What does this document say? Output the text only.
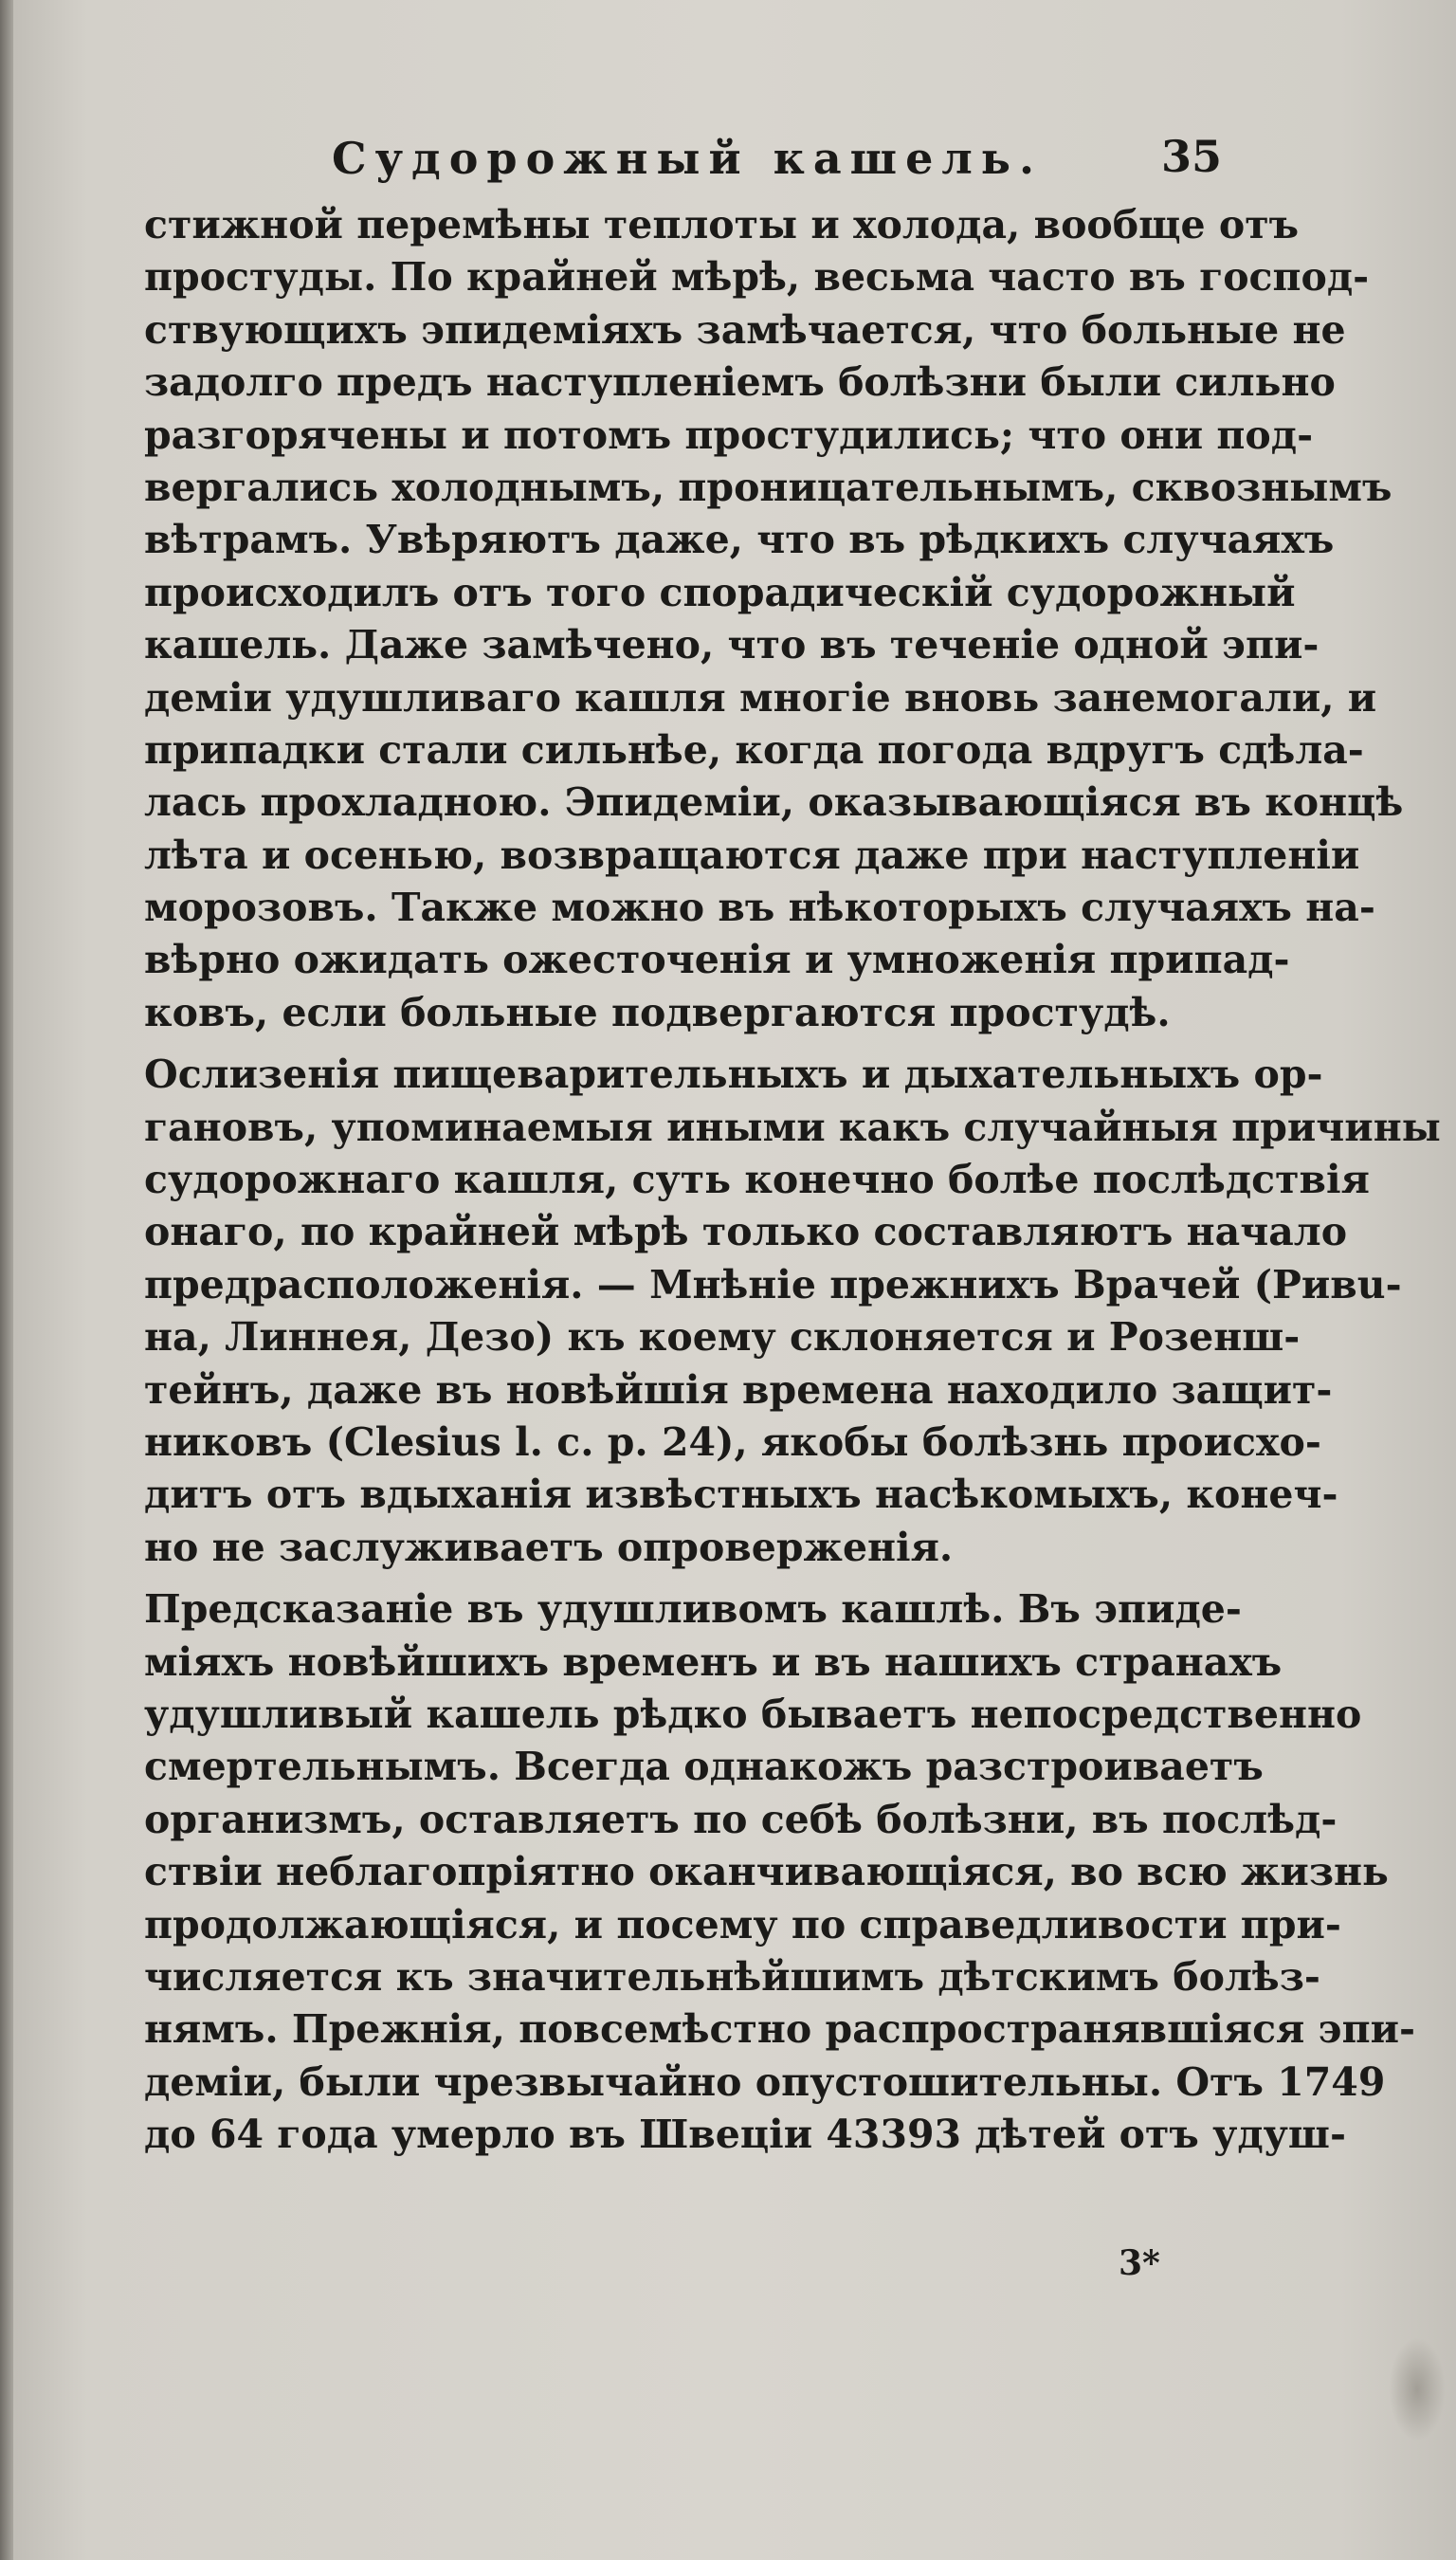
Судорожный кашель.	35
стижной перемѣны теплоты и холода, вообще отъ
простуды. По крайней мѣрѣ, весьма часто въ господ-
ствующихъ эпидеміяхъ замѣчается, что больные не
задолго предъ наступленіемъ болѣзни были сильно
разгорячены и потомъ простудились; что они под-
вергались холоднымъ, проницательнымъ, сквознымъ
вѣтрамъ. Увѣряютъ даже, что въ рѣдкихъ случаяхъ
происходилъ отъ того спорадическій судорожный
кашель. Даже замѣчено, что въ теченіе одной эпи-
деміи удушливаго кашля многіе вновь занемогали, и
припадки стали сильнѣе, когда погода вдругъ сдѣла-
лась прохладною. Эпидеміи, оказывающіяся въ концѣ
лѣта и осенью, возвращаются даже при наступленіи
морозовъ. Также можно въ нѣкоторыхъ случаяхъ на-
вѣрно ожидать ожесточенія и умноженія припад-
ковъ, если больные подвергаются простудѣ.
Ослизенія пищеварительныхъ и дыхательныхъ ор-
гановъ, упоминаемыя иными какъ случайныя причины
судорожнаго кашля, суть конечно болѣе послѣдствія
онаго, по крайней мѣрѣ только составляютъ начало
предрасположенія. — Мнѣніе прежнихъ Врачей (Ривu-
на, Линнея, Дезо) къ коему склоняется и Розенш-
тейнъ, даже въ новѣйшія времена находило защит-
никовъ (Clesius l. c. p. 24), якобы болѣзнь происхо-
дитъ отъ вдыханія извѣстныхъ насѣкомыхъ, конеч-
но не заслуживаетъ опроверженія.
Предсказаніе въ удушливомъ кашлѣ. Въ эпиде-
міяхъ новѣйшихъ временъ и въ нашихъ странахъ
удушливый кашель рѣдко бываетъ непосредственно
смертельнымъ. Всегда однакожъ разстроиваетъ
организмъ, оставляетъ по себѣ болѣзни, въ послѣд-
ствіи неблагопріятно оканчивающіяся, во всю жизнь
продолжающіяся, и посему по справедливости при-
числяется къ значительнѣйшимъ дѣтскимъ болѣз-
нямъ. Прежнія, повсемѣстно распространявшіяся эпи-
деміи, были чрезвычайно опустошительны. Отъ 1749
до 64 года умерло въ Швеціи 43393 дѣтей отъ удуш-
3*
